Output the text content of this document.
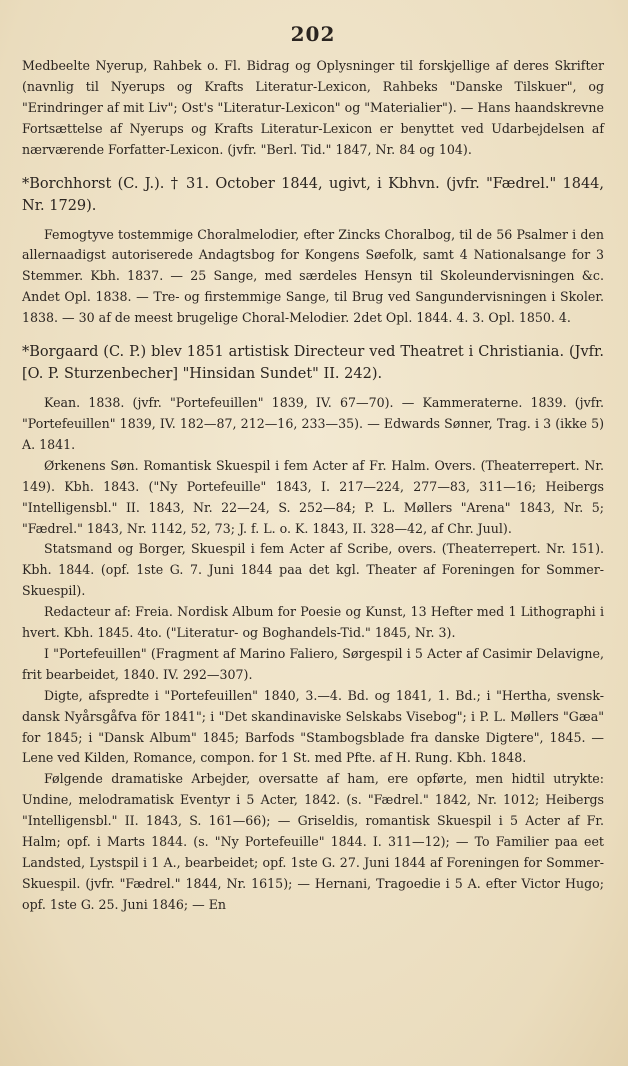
202

Medbeelte Nyerup, Rahbek o. Fl. Bidrag og Oplysninger til forskjellige af deres Skrifter (navnlig til Nyerups og Krafts Literatur-Lexicon, Rahbeks "Danske Tilskuer", og "Erindringer af mit Liv"; Ost's "Literatur-Lexicon" og "Materialier"). — Hans haandskrevne Fortsættelse af Nyerups og Krafts Literatur-Lexicon er benyttet ved Udarbejdelsen af nærværende Forfatter-Lexicon. (jvfr. "Berl. Tid." 1847, Nr. 84 og 104).

*Borchhorst (C. J.). † 31. October 1844, ugivt, i Kbhvn. (jvfr. "Fædrel." 1844, Nr. 1729).

Femogtyve tostemmige Choralmelodier, efter Zincks Choralbog, til de 56 Psalmer i den allernaadigst autoriserede Andagtsbog for Kongens Søefolk, samt 4 Nationalsange for 3 Stemmer. Kbh. 1837. — 25 Sange, med særdeles Hensyn til Skoleundervisningen &c. Andet Opl. 1838. — Tre- og firstemmige Sange, til Brug ved Sangundervisningen i Skoler. 1838. — 30 af de meest brugelige Choral-Melodier. 2det Opl. 1844. 4. 3. Opl. 1850. 4.

*Borgaard (C. P.) blev 1851 artistisk Directeur ved Theatret i Christiania. (Jvfr. [O. P. Sturzenbecher] "Hinsidan Sundet" II. 242).

Kean. 1838. (jvfr. "Portefeuillen" 1839, IV. 67—70). — Kammeraterne. 1839. (jvfr. "Portefeuillen" 1839, IV. 182—87, 212—16, 233—35). — Edwards Sønner, Trag. i 3 (ikke 5) A. 1841.

Ørkenens Søn. Romantisk Skuespil i fem Acter af Fr. Halm. Overs. (Theaterrepert. Nr. 149). Kbh. 1843. ("Ny Portefeuille" 1843, I. 217—224, 277—83, 311—16; Heibergs "Intelligensbl." II. 1843, Nr. 22—24, S. 252—84; P. L. Møllers "Arena" 1843, Nr. 5; "Fædrel." 1843, Nr. 1142, 52, 73; J. f. L. o. K. 1843, II. 328—42, af Chr. Juul).

Statsmand og Borger, Skuespil i fem Acter af Scribe, overs. (Theaterrepert. Nr. 151). Kbh. 1844. (opf. 1ste G. 7. Juni 1844 paa det kgl. Theater af Foreningen for Sommer-Skuespil).

Redacteur af: Freia. Nordisk Album for Poesie og Kunst, 13 Hefter med 1 Lithographi i hvert. Kbh. 1845. 4to. ("Literatur- og Boghandels-Tid." 1845, Nr. 3).

I "Portefeuillen" (Fragment af Marino Faliero, Sørgespil i 5 Acter af Casimir Delavigne, frit bearbeidet, 1840. IV. 292—307).

Digte, afspredte i "Portefeuillen" 1840, 3.—4. Bd. og 1841, 1. Bd.; i "Hertha, svensk-dansk Nyårsgåfva för 1841"; i "Det skandinaviske Selskabs Visebog"; i P. L. Møllers "Gæa" for 1845; i "Dansk Album" 1845; Barfods "Stambogsblade fra danske Digtere", 1845. — Lene ved Kilden, Romance, compon. for 1 St. med Pfte. af H. Rung. Kbh. 1848.

Følgende dramatiske Arbejder, oversatte af ham, ere opførte, men hidtil utrykte: Undine, melodramatisk Eventyr i 5 Acter, 1842. (s. "Fædrel." 1842, Nr. 1012; Heibergs "Intelligensbl." II. 1843, S. 161—66); — Griseldis, romantisk Skuespil i 5 Acter af Fr. Halm; opf. i Marts 1844. (s. "Ny Portefeuille" 1844. I. 311—12); — To Familier paa eet Landsted, Lystspil i 1 A., bearbeidet; opf. 1ste G. 27. Juni 1844 af Foreningen for Sommer-Skuespil. (jvfr. "Fædrel." 1844, Nr. 1615); — Hernani, Tragoedie i 5 A. efter Victor Hugo; opf. 1ste G. 25. Juni 1846; — En
